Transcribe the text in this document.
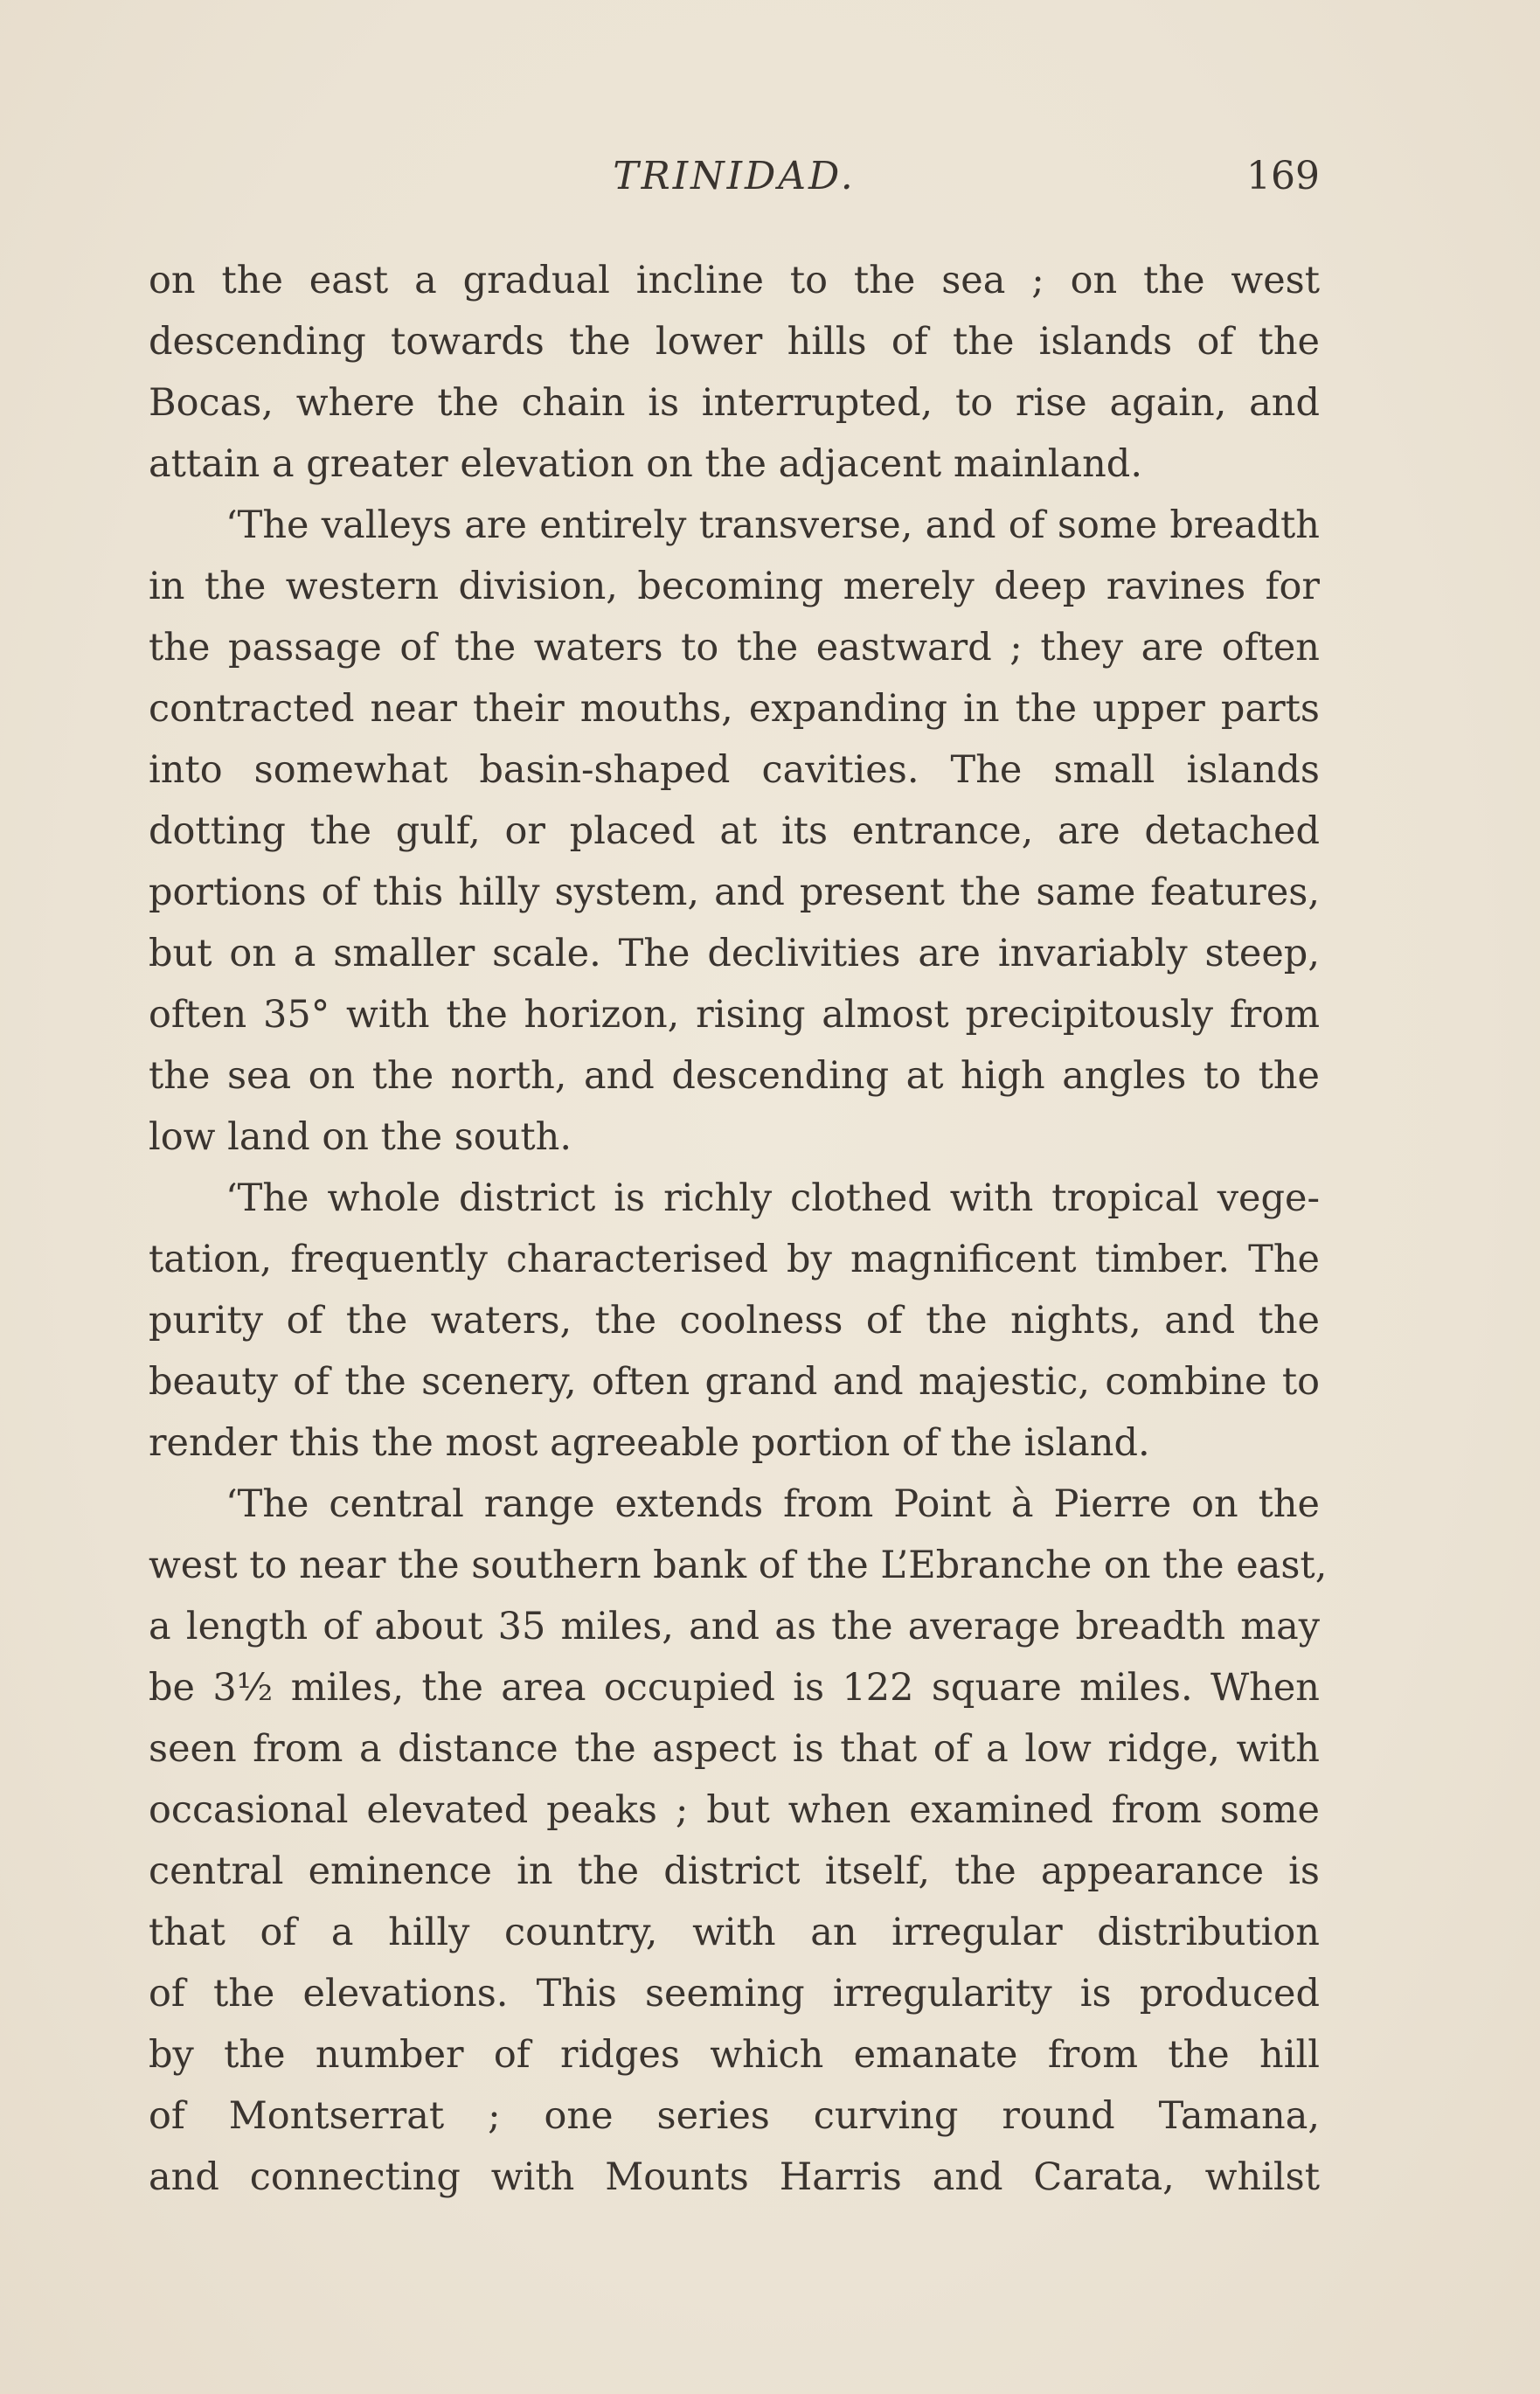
TRINIDAD.	169
on the east a gradual incline to the sea ; on the west
descending towards the lower hills of the islands of the
Bocas, where the chain is interrupted, to rise again, and
attain a greater elevation on the adjacent mainland.
‘The valleys are entirely transverse, and of some breadth
in the western division, becoming merely deep ravines for
the passage of the waters to the eastward ; they are often
contracted near their mouths, expanding in the upper parts
into somewhat basin-shaped cavities. The small islands
dotting the gulf, or placed at its entrance, are detached
portions of this hilly system, and present the same features,
but on a smaller scale. The declivities are invariably steep,
often 35° with the horizon, rising almost precipitously from
the sea on the north, and descending at high angles to the
low land on the south.
‘The whole district is richly clothed with tropical vege-
tation, frequently characterised by magnificent timber. The
purity of the waters, the coolness of the nights, and the
beauty of the scenery, often grand and majestic, combine to
render this the most agreeable portion of the island.
‘The central range extends from Point à Pierre on the
west to near the southern bank of the L’Ebranche on the east,
a length of about 35 miles, and as the average breadth may
be 3½ miles, the area occupied is 122 square miles. When
seen from a distance the aspect is that of a low ridge, with
occasional elevated peaks ; but when examined from some
central eminence in the district itself, the appearance is
that of a hilly country, with an irregular distribution
of the elevations. This seeming irregularity is produced
by the number of ridges which emanate from the hill
of Montserrat ; one series curving round Tamana,
and connecting with Mounts Harris and Carata, whilst
